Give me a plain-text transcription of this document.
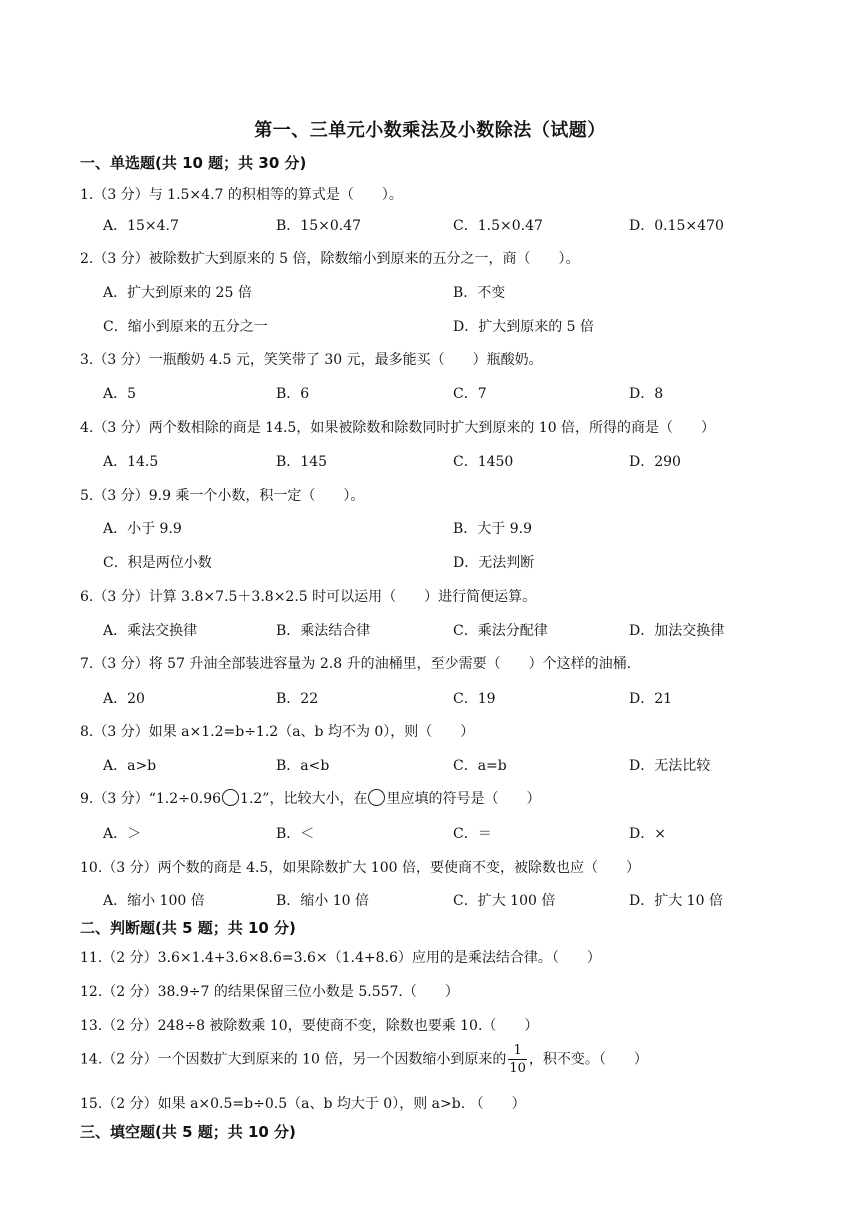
第一、三单元小数乘法及小数除法（试题）
一、单选题(共 10 题；共 30 分)
1.（3 分）与 1.5×4.7 的积相等的算式是（　　）。
A．15×4.7	B．15×0.47	C．1.5×0.47	D．0.15×470
2.（3 分）被除数扩大到原来的 5 倍，除数缩小到原来的五分之一，商（　　）。
A．扩大到原来的 25 倍	B．不变
C．缩小到原来的五分之一	D．扩大到原来的 5 倍
3.（3 分）一瓶酸奶 4.5 元，笑笑带了 30 元，最多能买（　　）瓶酸奶。
A．5	B．6	C．7	D．8
4.（3 分）两个数相除的商是 14.5，如果被除数和除数同时扩大到原来的 10 倍，所得的商是（　　）
A．14.5	B．145	C．1450	D．290
5.（3 分）9.9 乘一个小数，积一定（　　）。
A．小于 9.9	B．大于 9.9
C．积是两位小数	D．无法判断
6.（3 分）计算 3.8×7.5＋3.8×2.5 时可以运用（　　）进行简便运算。
A．乘法交换律	B．乘法结合律	C．乘法分配律	D．加法交换律
7.（3 分）将 57 升油全部装进容量为 2.8 升的油桶里，至少需要（　　）个这样的油桶.
A．20	B．22	C．19	D．21
8.（3 分）如果 a×1.2=b÷1.2（a、b 均不为 0），则（　　）
A．a>b	B．a<b	C．a=b	D．无法比较
9.（3 分）“1.2÷0.96 1.2”，比较大小，在 里应填的符号是（　　）
A．＞	B．＜	C．＝	D．×
10.（3 分）两个数的商是 4.5，如果除数扩大 100 倍，要使商不变，被除数也应（　　）
A．缩小 100 倍	B．缩小 10 倍	C．扩大 100 倍	D．扩大 10 倍
二、判断题(共 5 题；共 10 分)
11.（2 分）3.6×1.4+3.6×8.6=3.6×（1.4+8.6）应用的是乘法结合律。（　　）
12.（2 分）38.9÷7 的结果保留三位小数是 5.557.（　　）
13.（2 分）248÷8 被除数乘 10，要使商不变，除数也要乘 10.（　　）
14.（2 分）一个因数扩大到原来的 10 倍，另一个因数缩小到原来的 $\frac{1}{10}$ ，积不变。（　　）
15.（2 分）如果 a×0.5=b÷0.5（a、b 均大于 0），则 a>b. （　　）
三、填空题(共 5 题；共 10 分)
